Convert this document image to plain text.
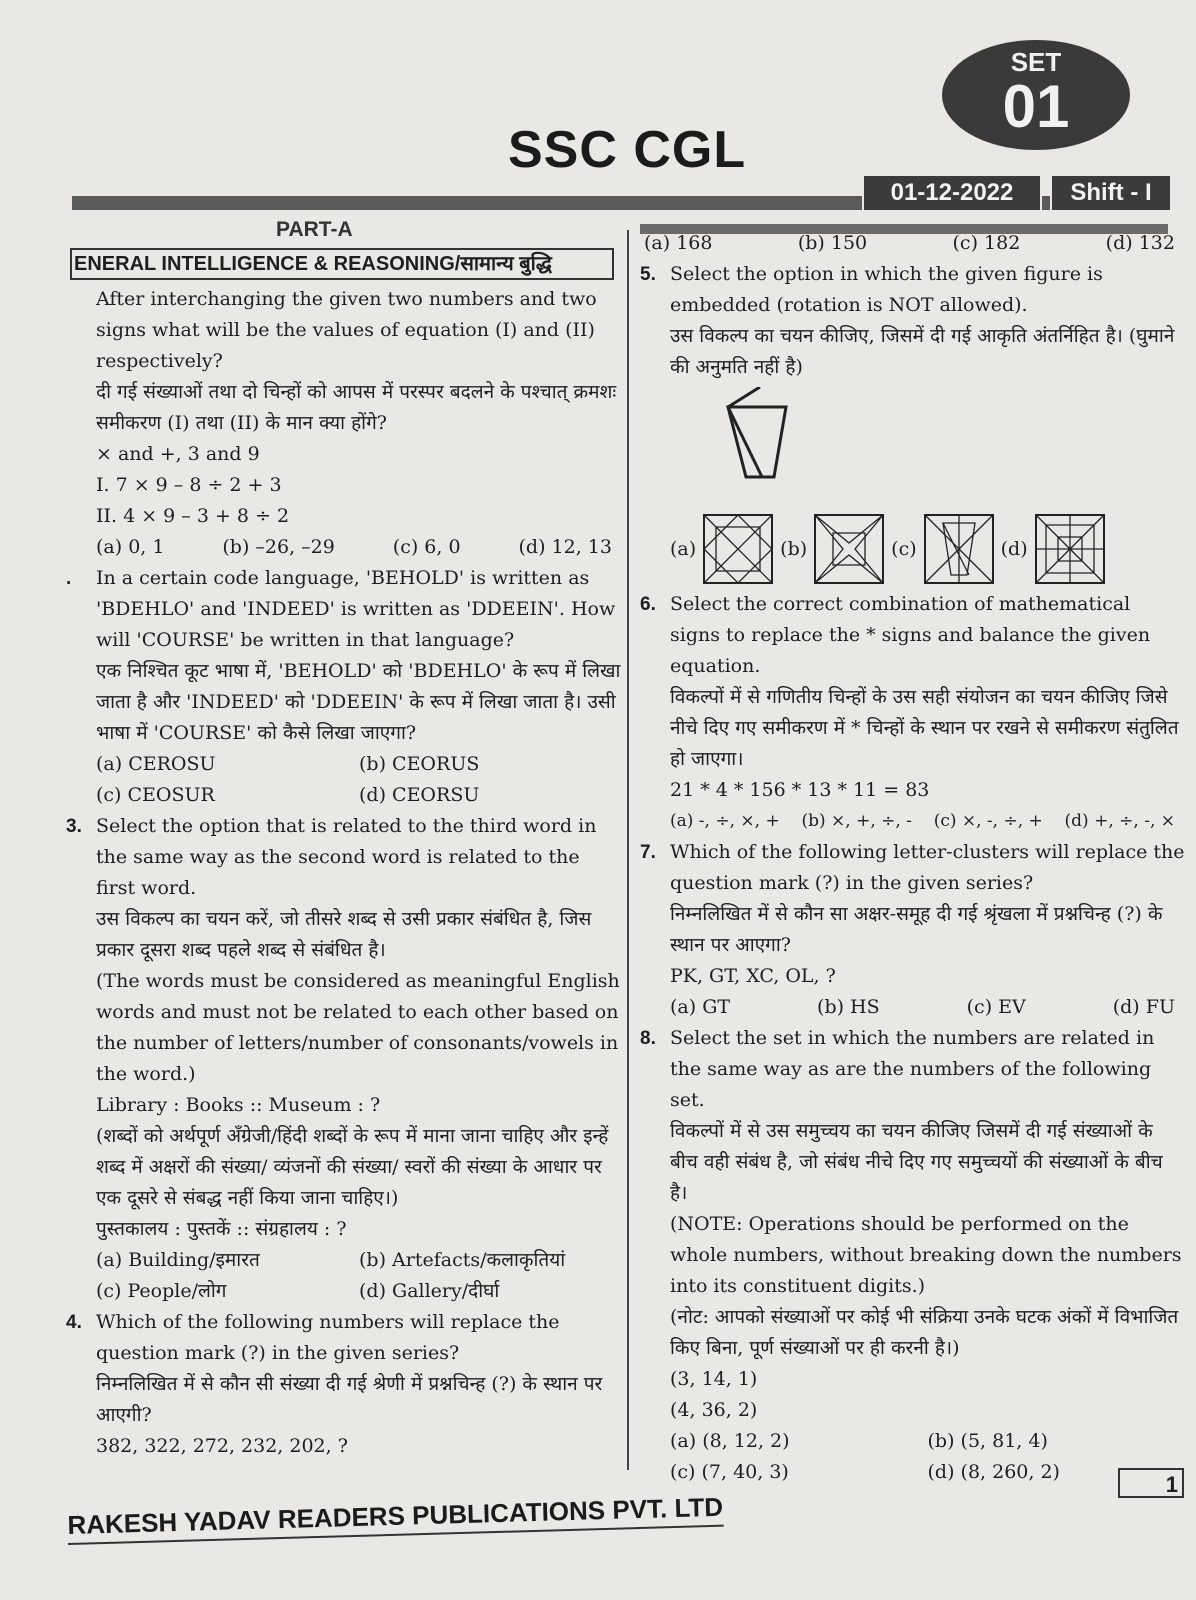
SSC CGL
SET
01
01-12-2022	Shift - I
PART-A
ENERAL INTELLIGENCE & REASONING/सामान्य बुद्धि

After interchanging the given two numbers and two signs what will be the values of equation (I) and (II) respectively?

दी गई संख्याओं तथा दो चिन्हों को आपस में परस्पर बदलने के पश्चात् क्रमशः समीकरण (I) तथा (II) के मान क्या होंगे?

× and +, 3 and 9

I. 7 × 9 – 8 ÷ 2 + 3

II. 4 × 9 – 3 + 8 ÷ 2

(a) 0, 1	(b) –26, –29	(c) 6, 0	(d) 12, 13
. In a certain code language, 'BEHOLD' is written as 'BDEHLO' and 'INDEED' is written as 'DDEEIN'. How will 'COURSE' be written in that language?

एक निश्चित कूट भाषा में, 'BEHOLD' को 'BDEHLO' के रूप में लिखा जाता है और 'INDEED' को 'DDEEIN' के रूप में लिखा जाता है। उसी भाषा में 'COURSE' को कैसे लिखा जाएगा?

(a) CEROSU	(b) CEORUS
(c) CEOSUR	(d) CEORSU
3. Select the option that is related to the third word in the same way as the second word is related to the first word.

उस विकल्प का चयन करें, जो तीसरे शब्द से उसी प्रकार संबंधित है, जिस प्रकार दूसरा शब्द पहले शब्द से संबंधित है।

(The words must be considered as meaningful English words and must not be related to each other based on the number of letters/number of consonants/vowels in the word.)

Library : Books :: Museum : ?

(शब्दों को अर्थपूर्ण अँग्रेजी/हिंदी शब्दों के रूप में माना जाना चाहिए और इन्हें शब्द में अक्षरों की संख्या/ व्यंजनों की संख्या/ स्वरों की संख्या के आधार पर एक दूसरे से संबद्ध नहीं किया जाना चाहिए।)

पुस्तकालय : पुस्तकें :: संग्रहालय : ?

(a) Building/इमारत	(b) Artefacts/कलाकृतियां
(c) People/लोग	(d) Gallery/दीर्घा
4. Which of the following numbers will replace the question mark (?) in the given series?

निम्नलिखित में से कौन सी संख्या दी गई श्रेणी में प्रश्नचिन्ह (?) के स्थान पर आएगी?

382, 322, 272, 232, 202, ?

(a) 168	(b) 150	(c) 182	(d) 132
5. Select the option in which the given figure is embedded (rotation is NOT allowed).

उस विकल्प का चयन कीजिए, जिसमें दी गई आकृति अंतर्निहित है। (घुमाने की अनुमति नहीं है)

(a)	(b)	(c)	(d)
6. Select the correct combination of mathematical signs to replace the * signs and balance the given equation.

विकल्पों में से गणितीय चिन्हों के उस सही संयोजन का चयन कीजिए जिसे नीचे दिए गए समीकरण में * चिन्हों के स्थान पर रखने से समीकरण संतुलित हो जाएगा।

21 * 4 * 156 * 13 * 11 = 83

(a) -, ÷, ×, + (b) ×, +, ÷, - (c) ×, -, ÷, + (d) +, ÷, -, ×
7. Which of the following letter-clusters will replace the question mark (?) in the given series?

निम्नलिखित में से कौन सा अक्षर-समूह दी गई श्रृंखला में प्रश्नचिन्ह (?) के स्थान पर आएगा?

PK, GT, XC, OL, ?

(a) GT	(b) HS	(c) EV	(d) FU
8. Select the set in which the numbers are related in the same way as are the numbers of the following set.

विकल्पों में से उस समुच्चय का चयन कीजिए जिसमें दी गई संख्याओं के बीच वही संबंध है, जो संबंध नीचे दिए गए समुच्चयों की संख्याओं के बीच है।

(NOTE: Operations should be performed on the whole numbers, without breaking down the numbers into its constituent digits.)

(नोट: आपको संख्याओं पर कोई भी संक्रिया उनके घटक अंकों में विभाजित किए बिना, पूर्ण संख्याओं पर ही करनी है।)

(3, 14, 1)

(4, 36, 2)

(a) (8, 12, 2)	(b) (5, 81, 4)
(c) (7, 40, 3)	(d) (8, 260, 2)	1
RAKESH YADAV READERS PUBLICATIONS PVT. LTD
